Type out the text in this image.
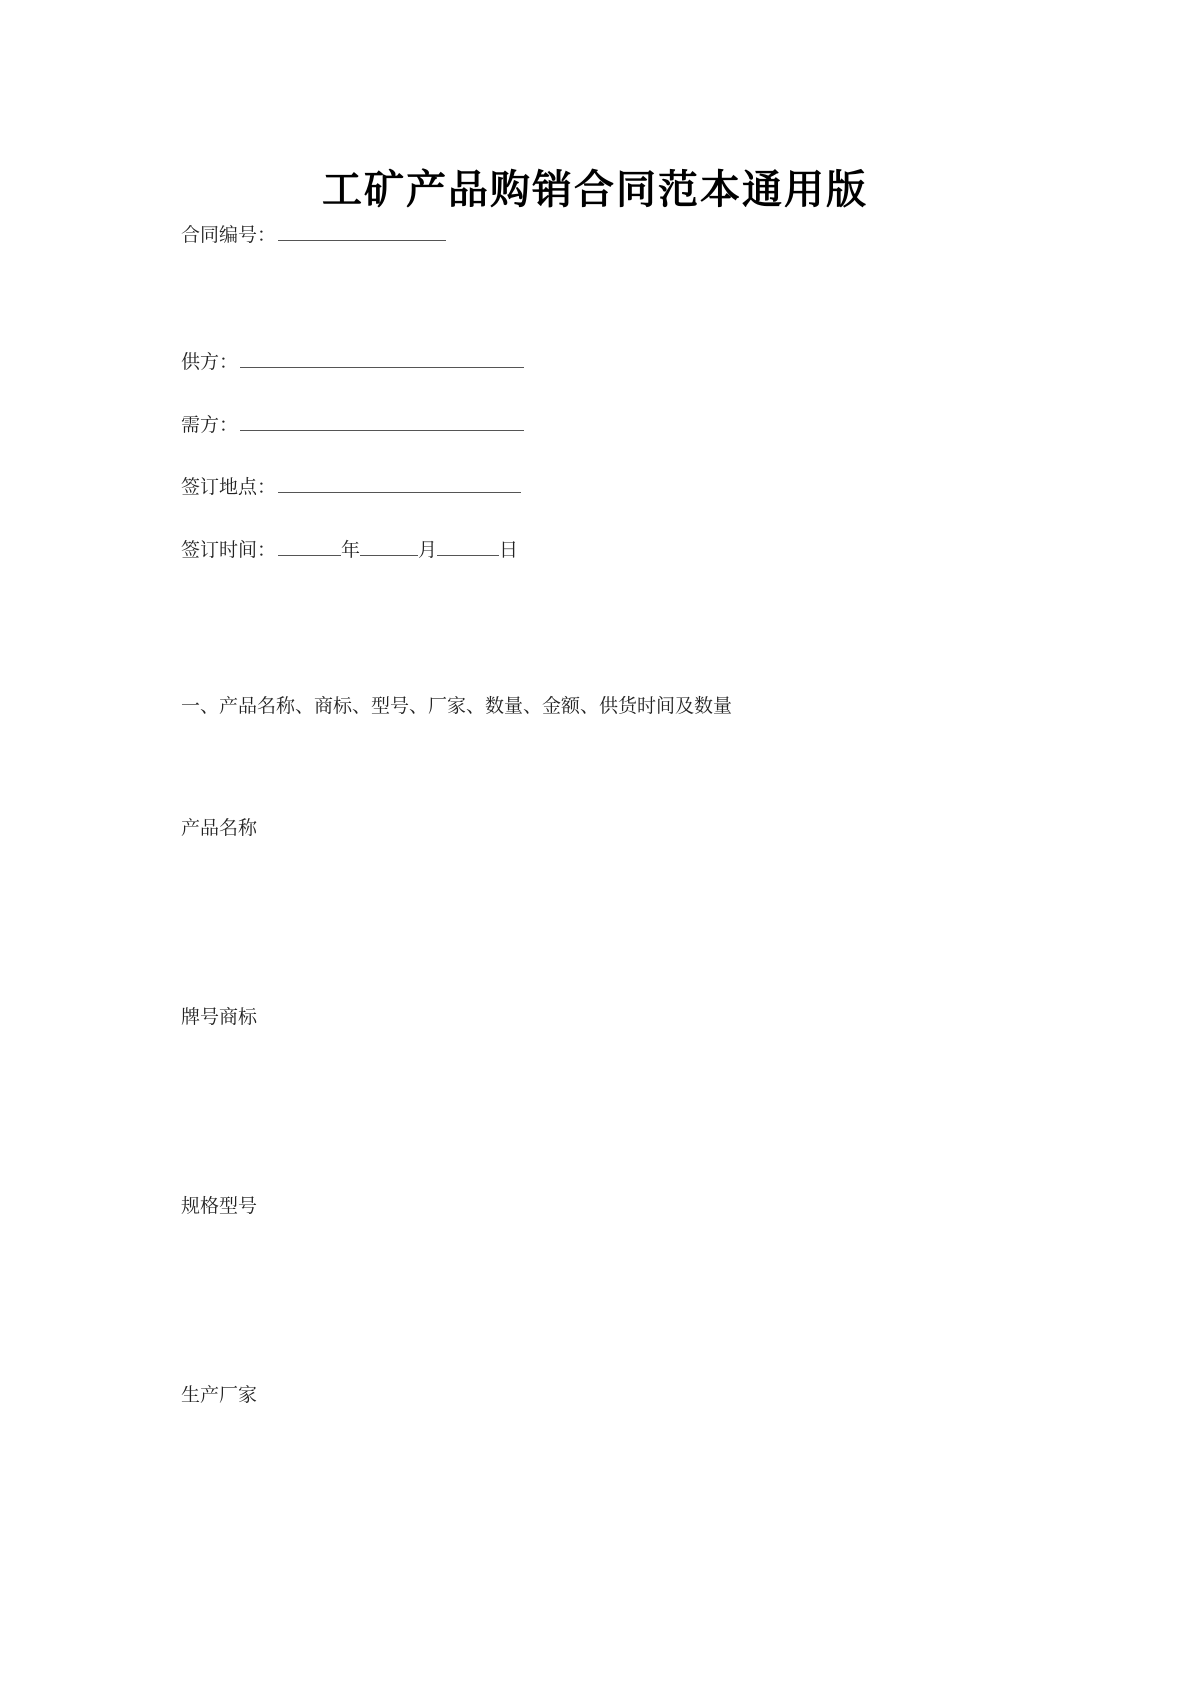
工矿产品购销合同范本通用版
合同编号：
供方：
需方：
签订地点：
签订时间：	年	月	日
一、产品名称、商标、型号、厂家、数量、金额、供货时间及数量
产品名称
牌号商标
规格型号
生产厂家
